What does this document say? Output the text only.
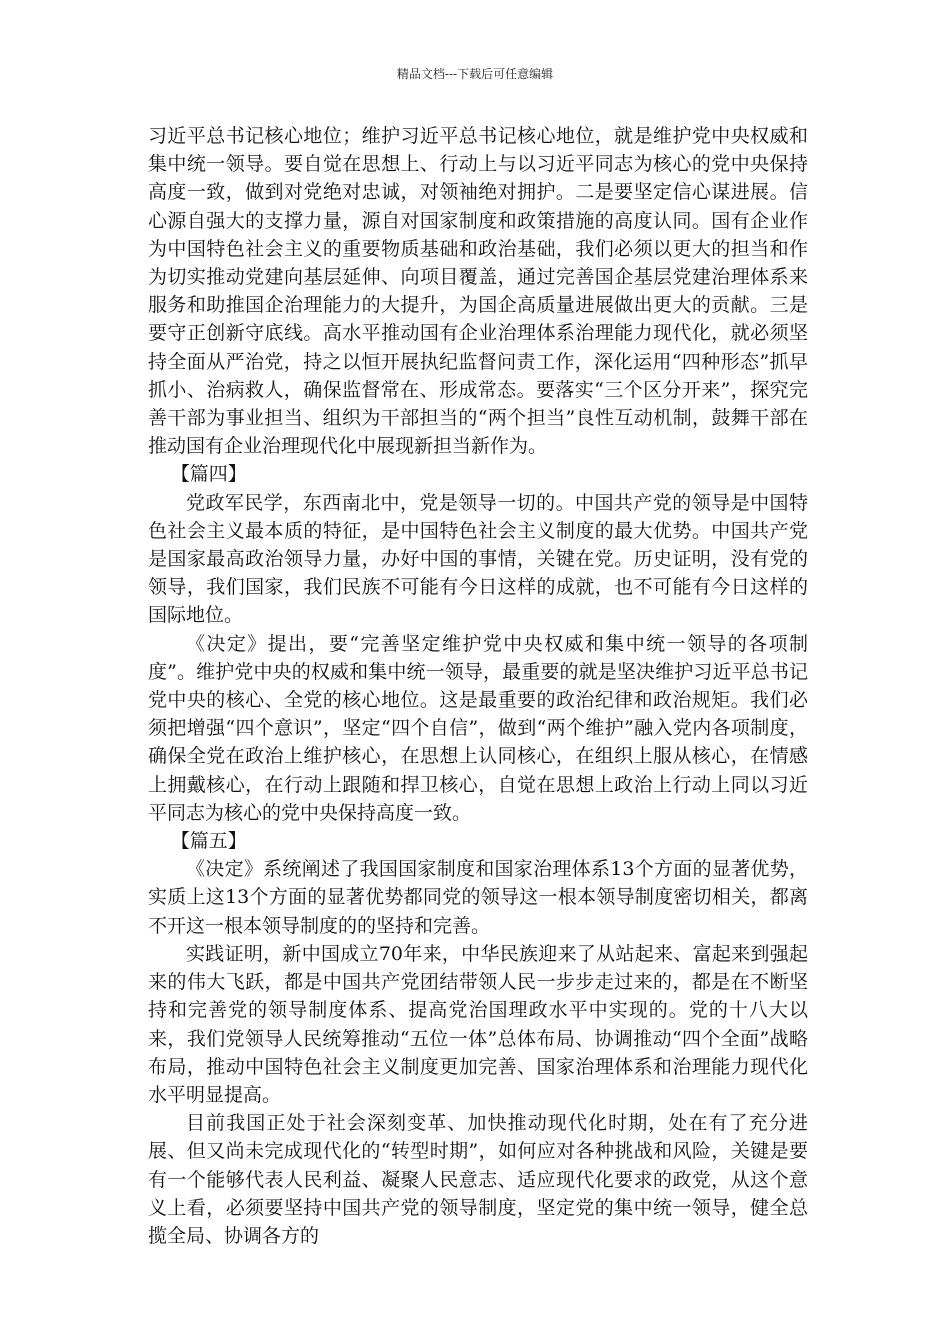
精品文档---下载后可任意编辑

习近平总书记核心地位；维护习近平总书记核心地位，就是维护党中央权威和集中统一领导。要自觉在思想上、行动上与以习近平同志为核心的党中央保持高度一致，做到对党绝对忠诚，对领袖绝对拥护。二是要坚定信心谋进展。信心源自强大的支撑力量，源自对国家制度和政策措施的高度认同。国有企业作为中国特色社会主义的重要物质基础和政治基础，我们必须以更大的担当和作为切实推动党建向基层延伸、向项目覆盖，通过完善国企基层党建治理体系来服务和助推国企治理能力的大提升，为国企高质量进展做出更大的贡献。三是要守正创新守底线。高水平推动国有企业治理体系治理能力现代化，就必须坚持全面从严治党，持之以恒开展执纪监督问责工作，深化运用“四种形态”抓早抓小、治病救人，确保监督常在、形成常态。要落实“三个区分开来”，探究完善干部为事业担当、组织为干部担当的“两个担当”良性互动机制，鼓舞干部在推动国有企业治理现代化中展现新担当新作为。

【篇四】

党政军民学，东西南北中，党是领导一切的。中国共产党的领导是中国特色社会主义最本质的特征，是中国特色社会主义制度的最大优势。中国共产党是国家最高政治领导力量，办好中国的事情，关键在党。历史证明，没有党的领导，我们国家，我们民族不可能有今日这样的成就，也不可能有今日这样的国际地位。

《决定》提出，要“完善坚定维护党中央权威和集中统一领导的各项制度”。维护党中央的权威和集中统一领导，最重要的就是坚决维护习近平总书记党中央的核心、全党的核心地位。这是最重要的政治纪律和政治规矩。我们必须把增强“四个意识”，坚定“四个自信”，做到“两个维护”融入党内各项制度，确保全党在政治上维护核心，在思想上认同核心，在组织上服从核心，在情感上拥戴核心，在行动上跟随和捍卫核心，自觉在思想上政治上行动上同以习近平同志为核心的党中央保持高度一致。

【篇五】

《决定》系统阐述了我国国家制度和国家治理体系13个方面的显著优势，实质上这13个方面的显著优势都同党的领导这一根本领导制度密切相关，都离不开这一根本领导制度的的坚持和完善。

实践证明，新中国成立70年来，中华民族迎来了从站起来、富起来到强起来的伟大飞跃，都是中国共产党团结带领人民一步步走过来的，都是在不断坚持和完善党的领导制度体系、提高党治国理政水平中实现的。党的十八大以来，我们党领导人民统筹推动“五位一体”总体布局、协调推动“四个全面”战略布局，推动中国特色社会主义制度更加完善、国家治理体系和治理能力现代化水平明显提高。

目前我国正处于社会深刻变革、加快推动现代化时期，处在有了充分进展、但又尚未完成现代化的“转型时期”，如何应对各种挑战和风险，关键是要有一个能够代表人民利益、凝聚人民意志、适应现代化要求的政党，从这个意义上看，必须要坚持中国共产党的领导制度，坚定党的集中统一领导，健全总揽全局、协调各方的
